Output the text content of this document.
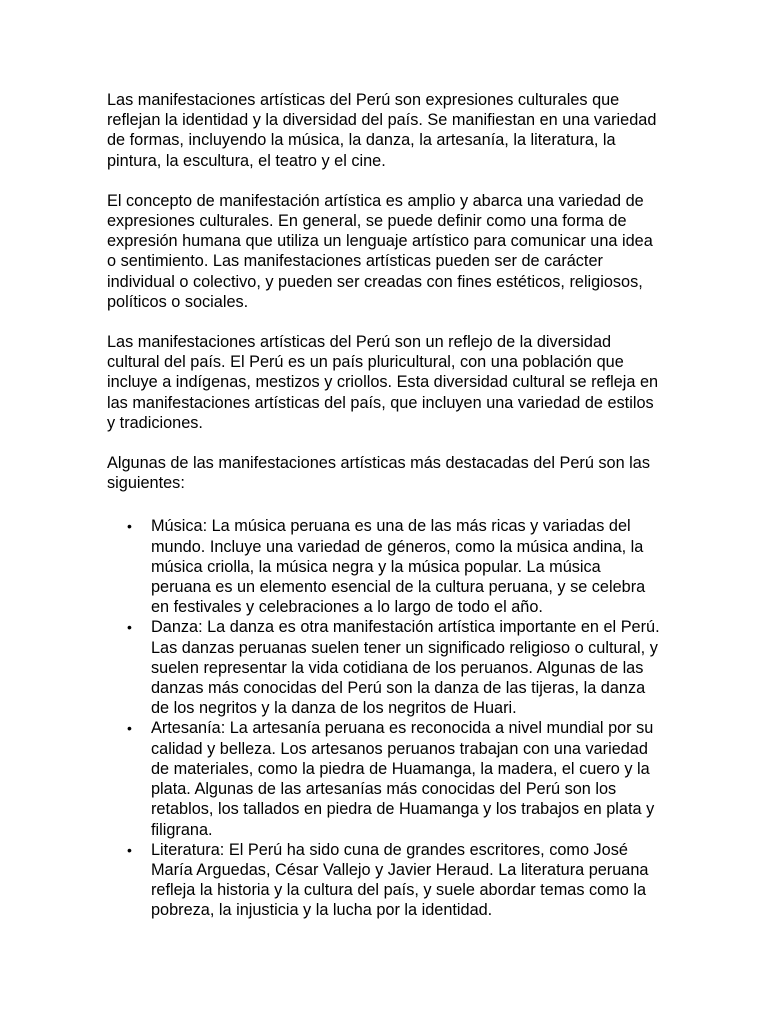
Las manifestaciones artísticas del Perú son expresiones culturales que reflejan la identidad y la diversidad del país. Se manifiestan en una variedad de formas, incluyendo la música, la danza, la artesanía, la literatura, la pintura, la escultura, el teatro y el cine.

El concepto de manifestación artística es amplio y abarca una variedad de expresiones culturales. En general, se puede definir como una forma de expresión humana que utiliza un lenguaje artístico para comunicar una idea o sentimiento. Las manifestaciones artísticas pueden ser de carácter individual o colectivo, y pueden ser creadas con fines estéticos, religiosos, políticos o sociales.

Las manifestaciones artísticas del Perú son un reflejo de la diversidad cultural del país. El Perú es un país pluricultural, con una población que incluye a indígenas, mestizos y criollos. Esta diversidad cultural se refleja en las manifestaciones artísticas del país, que incluyen una variedad de estilos y tradiciones.

Algunas de las manifestaciones artísticas más destacadas del Perú son las siguientes:

• Música: La música peruana es una de las más ricas y variadas del mundo. Incluye una variedad de géneros, como la música andina, la música criolla, la música negra y la música popular. La música peruana es un elemento esencial de la cultura peruana, y se celebra en festivales y celebraciones a lo largo de todo el año.
• Danza: La danza es otra manifestación artística importante en el Perú. Las danzas peruanas suelen tener un significado religioso o cultural, y suelen representar la vida cotidiana de los peruanos. Algunas de las danzas más conocidas del Perú son la danza de las tijeras, la danza de los negritos y la danza de los negritos de Huari.
• Artesanía: La artesanía peruana es reconocida a nivel mundial por su calidad y belleza. Los artesanos peruanos trabajan con una variedad de materiales, como la piedra de Huamanga, la madera, el cuero y la plata. Algunas de las artesanías más conocidas del Perú son los retablos, los tallados en piedra de Huamanga y los trabajos en plata y filigrana.
• Literatura: El Perú ha sido cuna de grandes escritores, como José María Arguedas, César Vallejo y Javier Heraud. La literatura peruana refleja la historia y la cultura del país, y suele abordar temas como la pobreza, la injusticia y la lucha por la identidad.
